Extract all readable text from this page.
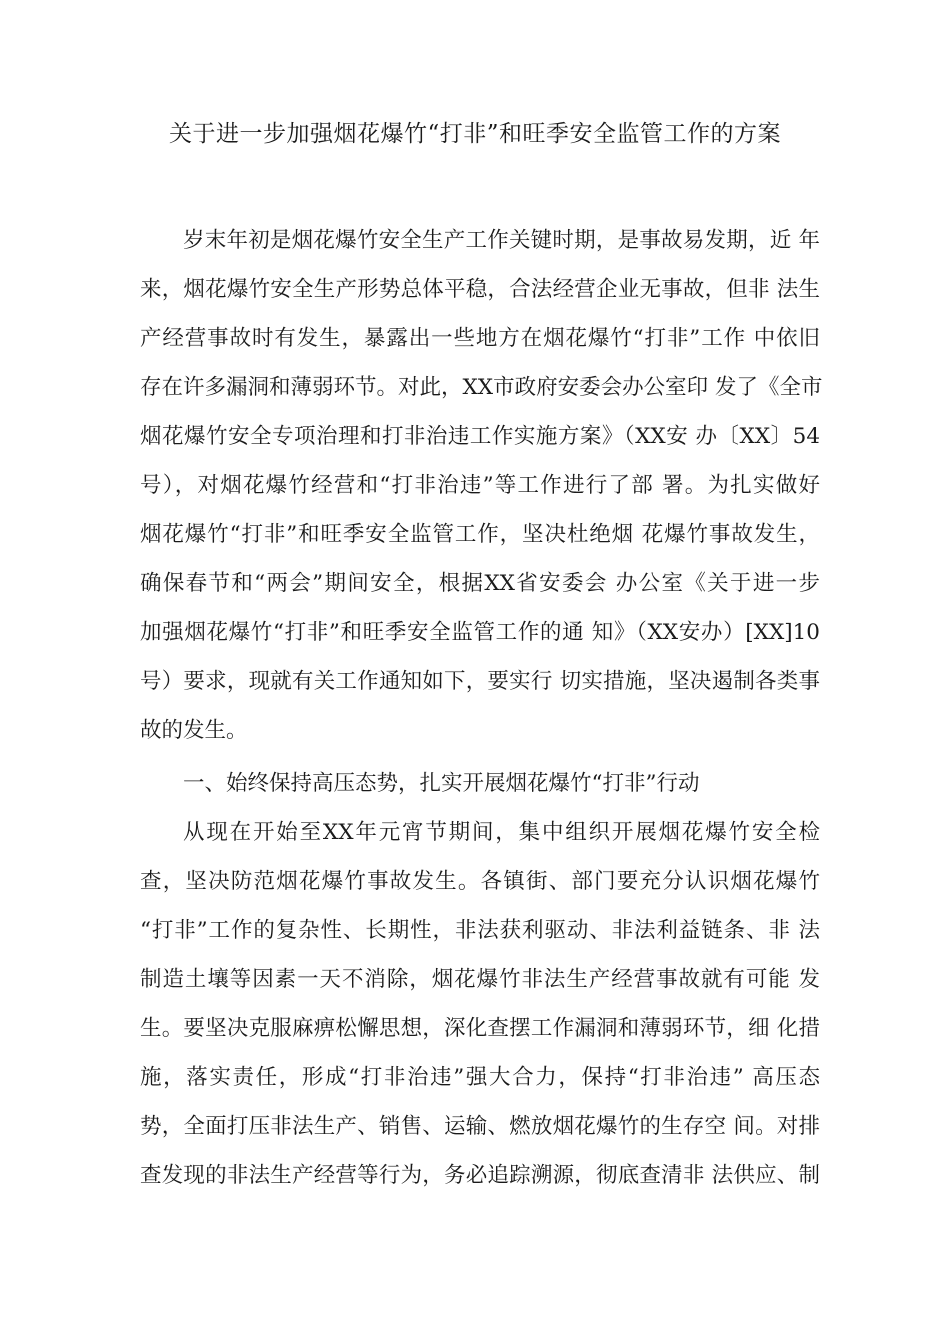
关于进一步加强烟花爆竹“打非”和旺季安全监管工作的方案
岁末年初是烟花爆竹安全生产工作关键时期，是事故易发期，近 年
来，烟花爆竹安全生产形势总体平稳，合法经营企业无事故，但非 法生
产经营事故时有发生，暴露出一些地方在烟花爆竹“打非”工作 中依旧
存在许多漏洞和薄弱环节。对此，XX市政府安委会办公室印 发了《全市
烟花爆竹安全专项治理和打非治违工作实施方案》（XX安 办〔XX〕54
号），对烟花爆竹经营和“打非治违”等工作进行了部 署。为扎实做好
烟花爆竹“打非”和旺季安全监管工作，坚决杜绝烟 花爆竹事故发生，
确保春节和“两会”期间安全，根据XX省安委会 办公室《关于进一步
加强烟花爆竹“打非”和旺季安全监管工作的通 知》（XX安办）[XX]10
号）要求，现就有关工作通知如下，要实行 切实措施，坚决遏制各类事
故的发生。
一、始终保持高压态势，扎实开展烟花爆竹“打非”行动
从现在开始至XX年元宵节期间，集中组织开展烟花爆竹安全检
查，坚决防范烟花爆竹事故发生。各镇街、部门要充分认识烟花爆竹
“打非”工作的复杂性、长期性，非法获利驱动、非法利益链条、非 法
制造土壤等因素一天不消除，烟花爆竹非法生产经营事故就有可能 发
生。要坚决克服麻痹松懈思想，深化查摆工作漏洞和薄弱环节，细 化措
施，落实责任，形成“打非治违”强大合力，保持“打非治违” 高压态
势，全面打压非法生产、销售、运输、燃放烟花爆竹的生存空 间。对排
查发现的非法生产经营等行为，务必追踪溯源，彻底查清非 法供应、制
